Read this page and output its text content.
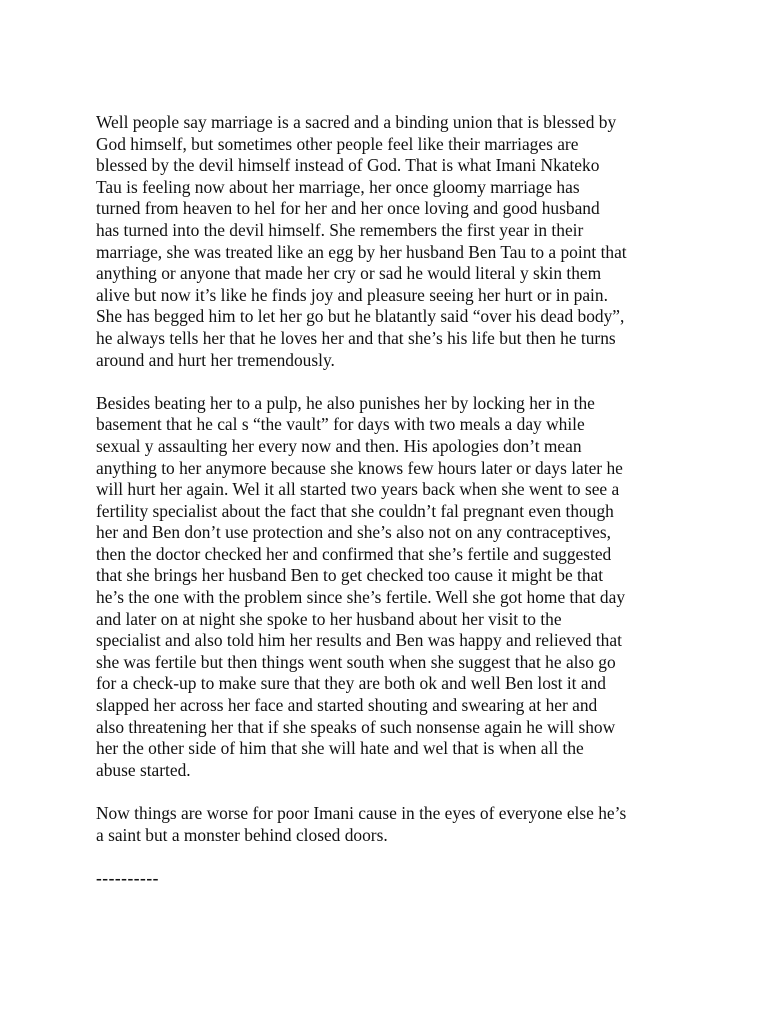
Well people say marriage is a sacred and a binding union that is blessed by
God himself, but sometimes other people feel like their marriages are
blessed by the devil himself instead of God. That is what Imani Nkateko
Tau is feeling now about her marriage, her once gloomy marriage has
turned from heaven to hel for her and her once loving and good husband
has turned into the devil himself. She remembers the first year in their
marriage, she was treated like an egg by her husband Ben Tau to a point that
anything or anyone that made her cry or sad he would literal y skin them
alive but now it’s like he finds joy and pleasure seeing her hurt or in pain.
She has begged him to let her go but he blatantly said “over his dead body”,
he always tells her that he loves her and that she’s his life but then he turns
around and hurt her tremendously.

Besides beating her to a pulp, he also punishes her by locking her in the
basement that he cal s “the vault” for days with two meals a day while
sexual y assaulting her every now and then. His apologies don’t mean
anything to her anymore because she knows few hours later or days later he
will hurt her again. Wel it all started two years back when she went to see a
fertility specialist about the fact that she couldn’t fal pregnant even though
her and Ben don’t use protection and she’s also not on any contraceptives,
then the doctor checked her and confirmed that she’s fertile and suggested
that she brings her husband Ben to get checked too cause it might be that
he’s the one with the problem since she’s fertile. Well she got home that day
and later on at night she spoke to her husband about her visit to the
specialist and also told him her results and Ben was happy and relieved that
she was fertile but then things went south when she suggest that he also go
for a check-up to make sure that they are both ok and well Ben lost it and
slapped her across her face and started shouting and swearing at her and
also threatening her that if she speaks of such nonsense again he will show
her the other side of him that she will hate and wel that is when all the
abuse started.

Now things are worse for poor Imani cause in the eyes of everyone else he’s
a saint but a monster behind closed doors.

----------
